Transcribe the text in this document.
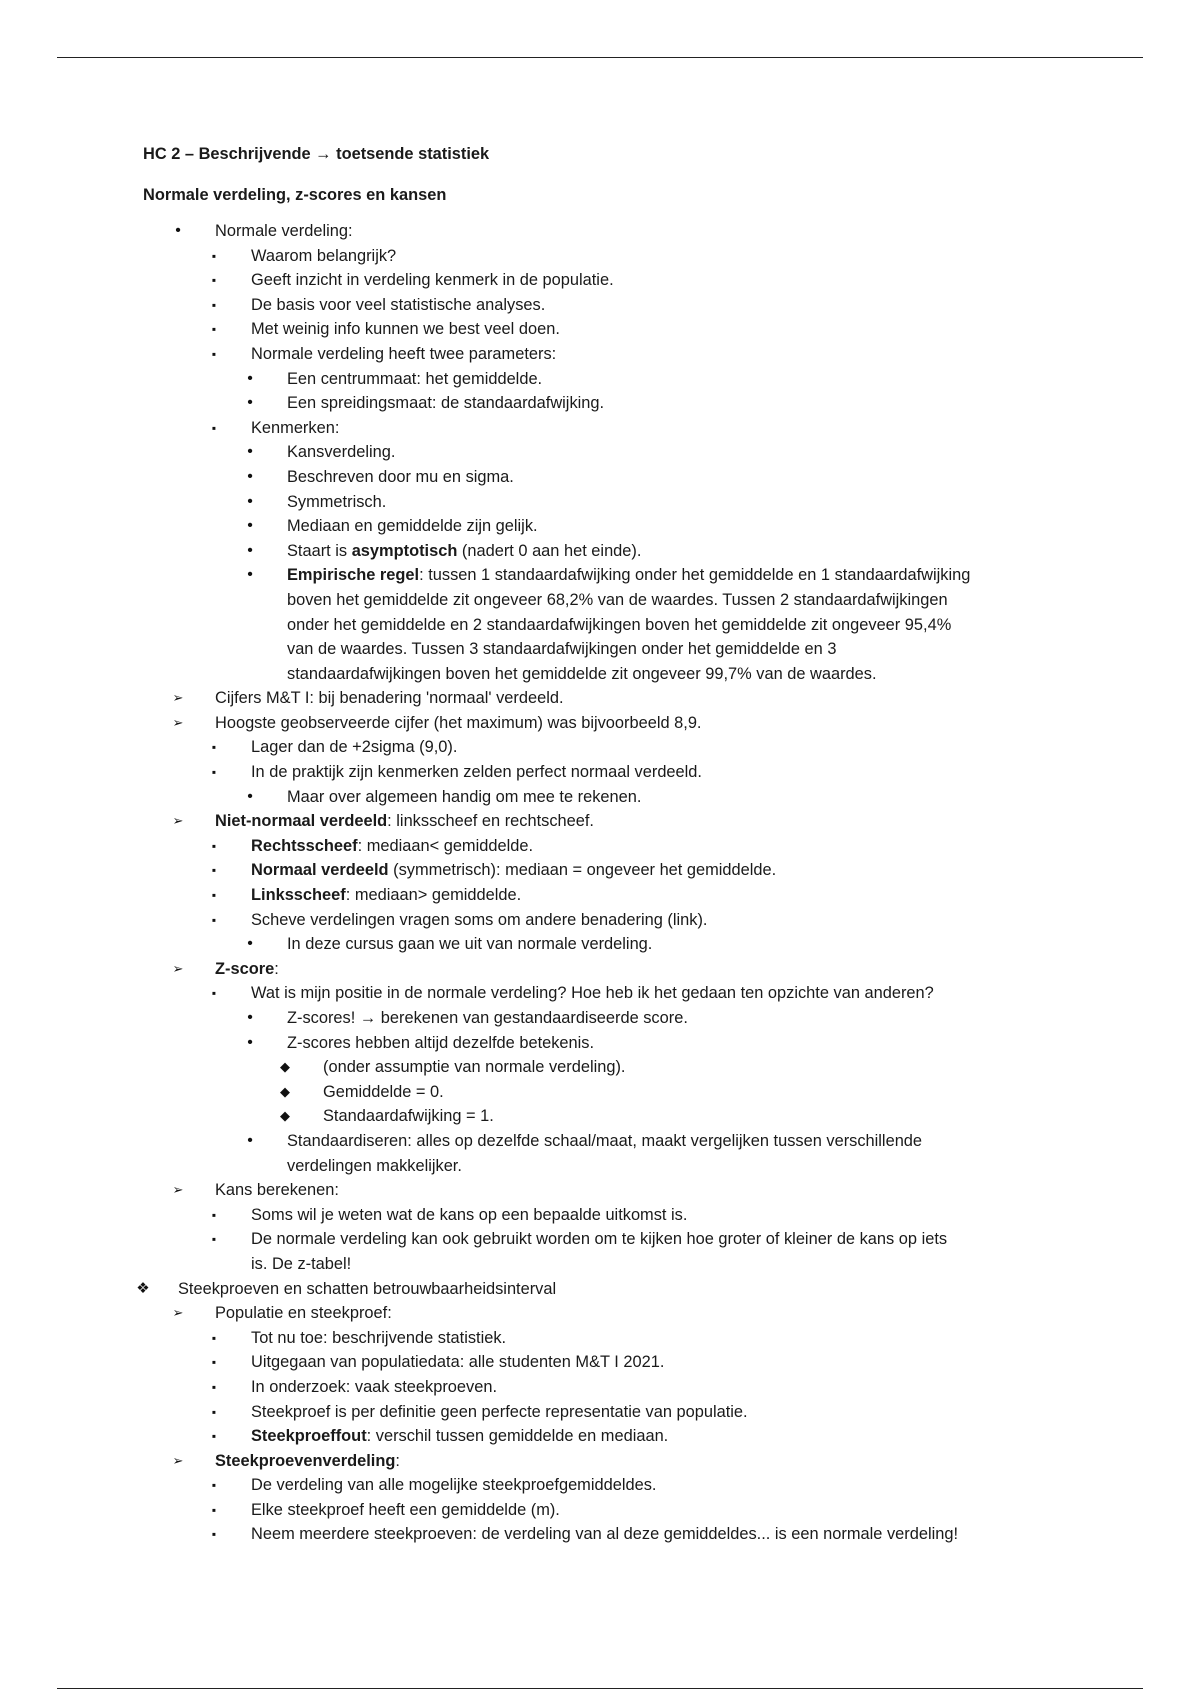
HC 2 – Beschrijvende → toetsende statistiek
Normale verdeling, z-scores en kansen
•	Normale verdeling:
▪	Waarom belangrijk?
▪	Geeft inzicht in verdeling kenmerk in de populatie.
▪	De basis voor veel statistische analyses.
▪	Met weinig info kunnen we best veel doen.
▪	Normale verdeling heeft twee parameters:
•	Een centrummaat: het gemiddelde.
•	Een spreidingsmaat: de standaardafwijking.
▪	Kenmerken:
•	Kansverdeling.
•	Beschreven door mu en sigma.
•	Symmetrisch.
•	Mediaan en gemiddelde zijn gelijk.
•	Staart is asymptotisch (nadert 0 aan het einde).
•	Empirische regel: tussen 1 standaardafwijking onder het gemiddelde en 1 standaardafwijking
boven het gemiddelde zit ongeveer 68,2% van de waardes. Tussen 2 standaardafwijkingen
onder het gemiddelde en 2 standaardafwijkingen boven het gemiddelde zit ongeveer 95,4%
van de waardes. Tussen 3 standaardafwijkingen onder het gemiddelde en 3
standaardafwijkingen boven het gemiddelde zit ongeveer 99,7% van de waardes.
➢ Cijfers M&T I: bij benadering 'normaal' verdeeld.
➢ Hoogste geobserveerde cijfer (het maximum) was bijvoorbeeld 8,9.
▪	Lager dan de +2sigma (9,0).
▪	In de praktijk zijn kenmerken zelden perfect normaal verdeeld.
•	Maar over algemeen handig om mee te rekenen.
➢ Niet-normaal verdeeld: linksscheef en rechtscheef.
▪	Rechtsscheef: mediaan< gemiddelde.
▪	Normaal verdeeld (symmetrisch): mediaan = ongeveer het gemiddelde.
▪	Linksscheef: mediaan> gemiddelde.
▪	Scheve verdelingen vragen soms om andere benadering (link).
•	In deze cursus gaan we uit van normale verdeling.
➢ Z-score:
▪	Wat is mijn positie in de normale verdeling? Hoe heb ik het gedaan ten opzichte van anderen?
•	Z-scores! → berekenen van gestandaardiseerde score.
•	Z-scores hebben altijd dezelfde betekenis.
◆ (onder assumptie van normale verdeling).
◆ Gemiddelde = 0.
◆ Standaardafwijking = 1.
•	Standaardiseren: alles op dezelfde schaal/maat, maakt vergelijken tussen verschillende
verdelingen makkelijker.
➢ Kans berekenen:
▪	Soms wil je weten wat de kans op een bepaalde uitkomst is.
▪	De normale verdeling kan ook gebruikt worden om te kijken hoe groter of kleiner de kans op iets
is. De z-tabel!
❖ Steekproeven en schatten betrouwbaarheidsinterval
➢ Populatie en steekproef:
▪	Tot nu toe: beschrijvende statistiek.
▪	Uitgegaan van populatiedata: alle studenten M&T I 2021.
▪	In onderzoek: vaak steekproeven.
▪	Steekproef is per definitie geen perfecte representatie van populatie.
▪	Steekproeffout: verschil tussen gemiddelde en mediaan.
➢ Steekproevenverdeling:
▪	De verdeling van alle mogelijke steekproefgemiddeldes.
▪	Elke steekproef heeft een gemiddelde (m).
▪	Neem meerdere steekproeven: de verdeling van al deze gemiddeldes... is een normale verdeling!
